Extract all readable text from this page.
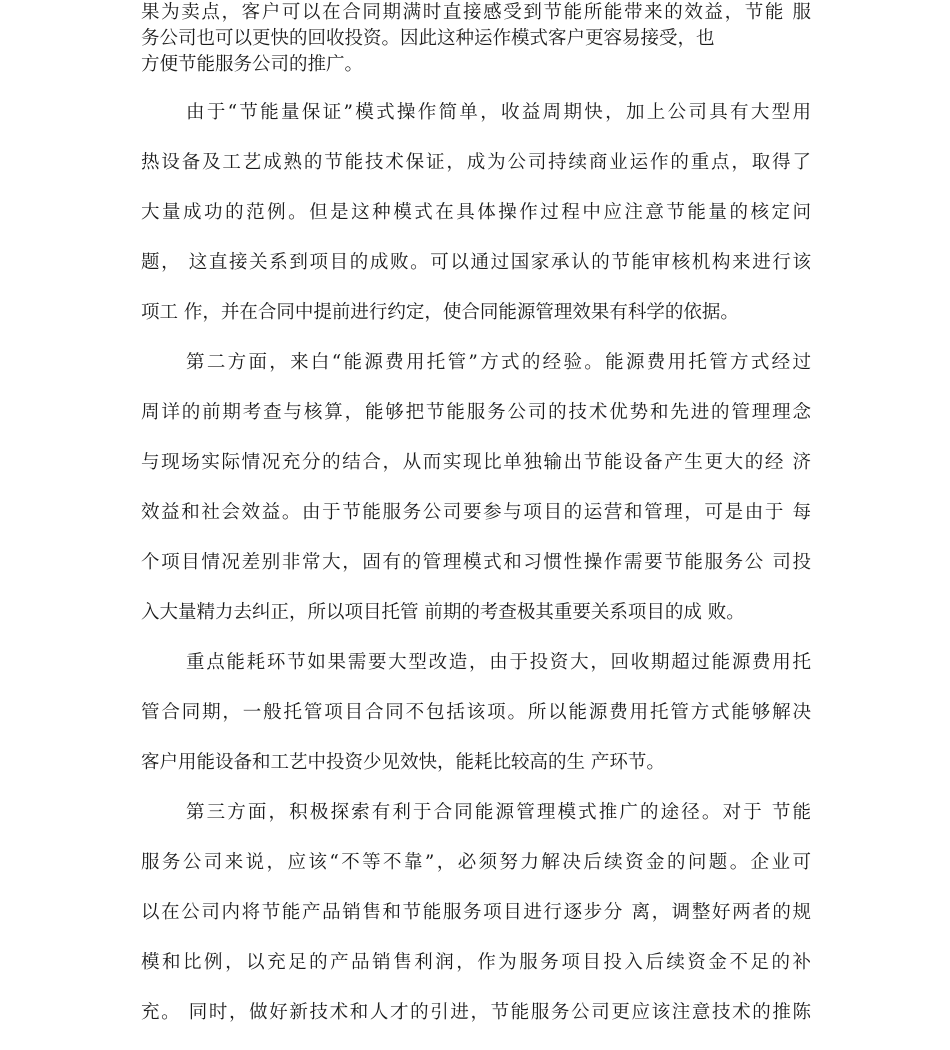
果为卖点，客户可以在合同期满时直接感受到节能所能带来的效益，节能 服
务公司也可以更快的回收投资。因此这种运作模式客户更容易接受，也
方便节能服务公司的推广。
由于“节能量保证”模式操作简单，收益周期快，加上公司具有大型用
热设备及工艺成熟的节能技术保证，成为公司持续商业运作的重点，取得了
大量成功的范例。但是这种模式在具体操作过程中应注意节能量的核定问
题， 这直接关系到项目的成败。可以通过国家承认的节能审核机构来进行该
项工 作，并在合同中提前进行约定，使合同能源管理效果有科学的依据。
第二方面，来白“能源费用托管”方式的经验。能源费用托管方式经过
周详的前期考查与核算，能够把节能服务公司的技术优势和先进的管理理念
与现场实际情况充分的结合，从而实现比单独输出节能设备产生更大的经 济
效益和社会效益。由于节能服务公司要参与项目的运营和管理，可是由于 每
个项目情况差别非常大，固有的管理模式和习惯性操作需要节能服务公 司投
入大量精力去纠正，所以项目托管 前期的考查极其重要关系项目的成 败。
重点能耗环节如果需要大型改造，由于投资大，回收期超过能源费用托
管合同期，一般托管项目合同不包括该项。所以能源费用托管方式能够解决
客户用能设备和工艺中投资少见效快，能耗比较高的生 产环节。
第三方面，积极探索有利于合同能源管理模式推广的途径。对于 节能
服务公司来说，应该“不等不靠”，必须努力解决后续资金的问题。企业可
以在公司内将节能产品销售和节能服务项目进行逐步分 离，调整好两者的规
模和比例，以充足的产品销售利润，作为服务项目投入后续资金不足的补
充。 同时，做好新技术和人才的引进，节能服务公司更应该注意技术的推陈
